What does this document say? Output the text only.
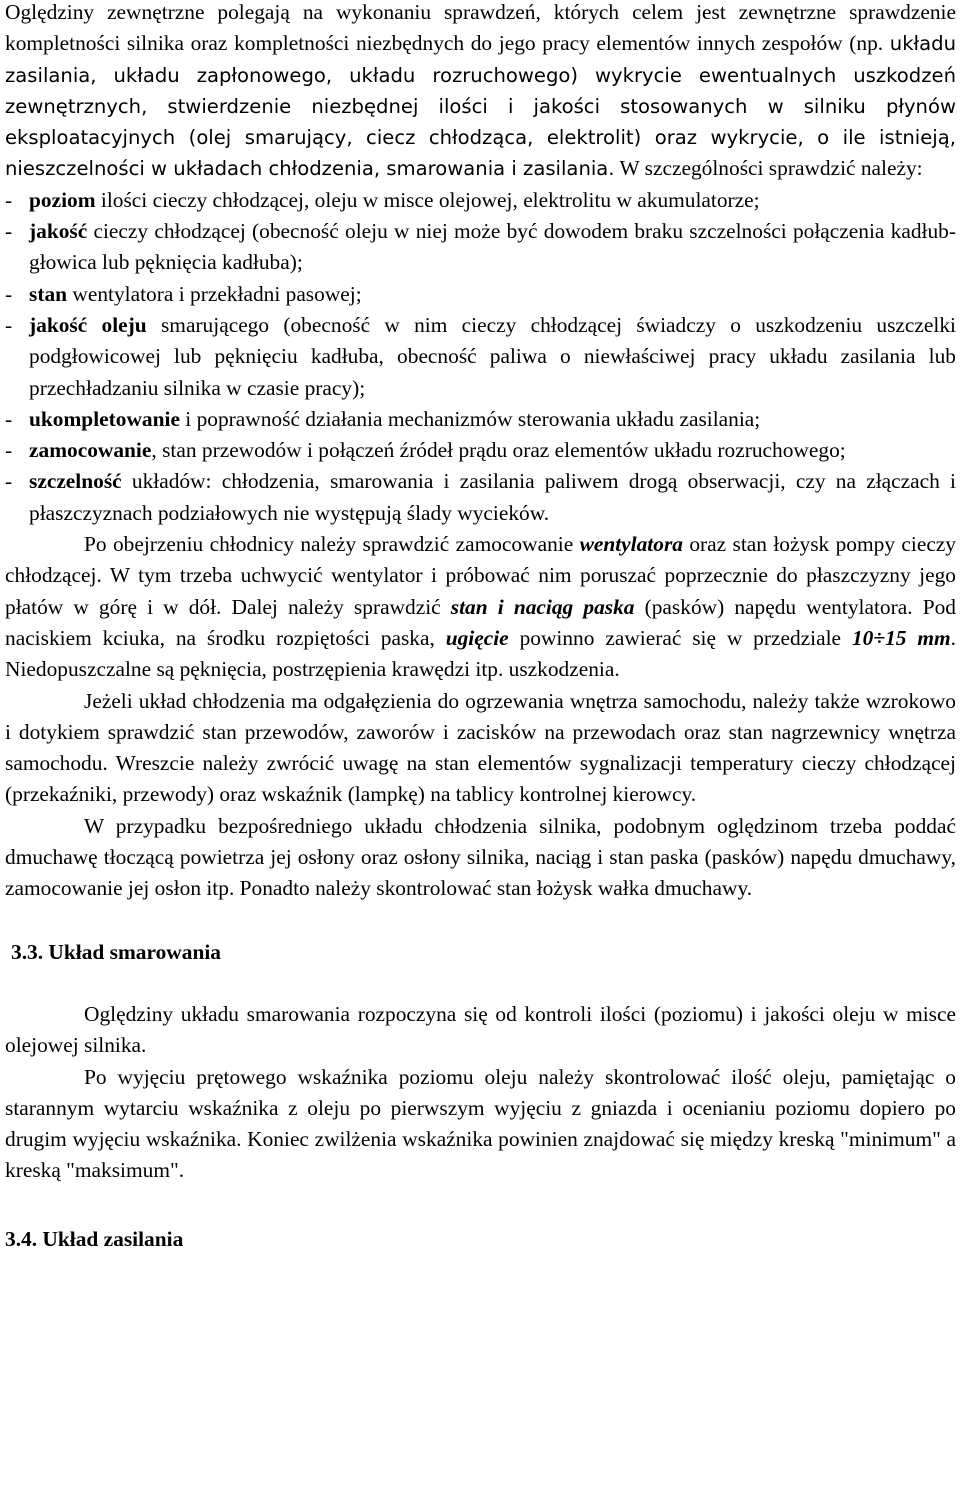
Oględziny zewnętrzne polegają na wykonaniu sprawdzeń, których celem jest zewnętrzne sprawdzenie kompletności silnika oraz kompletności niezbędnych do jego pracy elementów innych zespołów (np. układu zasilania, układu zapłonowego, układu rozruchowego) wykrycie ewentualnych uszkodzeń zewnętrznych, stwierdzenie niezbędnej ilości i jakości stosowanych w silniku płynów eksploatacyjnych (olej smarujący, ciecz chłodząca, elektrolit) oraz wykrycie, o ile istnieją, nieszczelności w układach chłodzenia, smarowania i zasilania. W szczególności sprawdzić należy:

- poziom ilości cieczy chłodzącej, oleju w misce olejowej, elektrolitu w akumulatorze;
- jakość cieczy chłodzącej (obecność oleju w niej może być dowodem braku szczelności połączenia kadłub-głowica lub pęknięcia kadłuba);
- stan wentylatora i przekładni pasowej;
- jakość oleju smarującego (obecność w nim cieczy chłodzącej świadczy o uszkodzeniu uszczelki podgłowicowej lub pęknięciu kadłuba, obecność paliwa o niewłaściwej pracy układu zasilania lub przechładzaniu silnika w czasie pracy);
- ukompletowanie i poprawność działania mechanizmów sterowania układu zasilania;
- zamocowanie, stan przewodów i połączeń źródeł prądu oraz elementów układu rozruchowego;
- szczelność układów: chłodzenia, smarowania i zasilania paliwem drogą obserwacji, czy na złączach i płaszczyznach podziałowych nie występują ślady wycieków.

Po obejrzeniu chłodnicy należy sprawdzić zamocowanie wentylatora oraz stan łożysk pompy cieczy chłodzącej. W tym trzeba uchwycić wentylator i próbować nim poruszać poprzecznie do płaszczyzny jego płatów w górę i w dół. Dalej należy sprawdzić stan i naciąg paska (pasków) napędu wentylatora. Pod naciskiem kciuka, na środku rozpiętości paska, ugięcie powinno zawierać się w przedziale 10÷15 mm. Niedopuszczalne są pęknięcia, postrzępienia krawędzi itp. uszkodzenia.

Jeżeli układ chłodzenia ma odgałęzienia do ogrzewania wnętrza samochodu, należy także wzrokowo i dotykiem sprawdzić stan przewodów, zaworów i zacisków na przewodach oraz stan nagrzewnicy wnętrza samochodu. Wreszcie należy zwrócić uwagę na stan elementów sygnalizacji temperatury cieczy chłodzącej (przekaźniki, przewody) oraz wskaźnik (lampkę) na tablicy kontrolnej kierowcy.

W przypadku bezpośredniego układu chłodzenia silnika, podobnym oględzinom trzeba poddać dmuchawę tłoczącą powietrza jej osłony oraz osłony silnika, naciąg i stan paska (pasków) napędu dmuchawy, zamocowanie jej osłon itp. Ponadto należy skontrolować stan łożysk wałka dmuchawy.

3.3. Układ smarowania

Oględziny układu smarowania rozpoczyna się od kontroli ilości (poziomu) i jakości oleju w misce olejowej silnika.

Po wyjęciu prętowego wskaźnika poziomu oleju należy skontrolować ilość oleju, pamiętając o starannym wytarciu wskaźnika z oleju po pierwszym wyjęciu z gniazda i ocenianiu poziomu dopiero po drugim wyjęciu wskaźnika. Koniec zwilżenia wskaźnika powinien znajdować się między kreską "minimum" a kreską "maksimum".

3.4. Układ zasilania
